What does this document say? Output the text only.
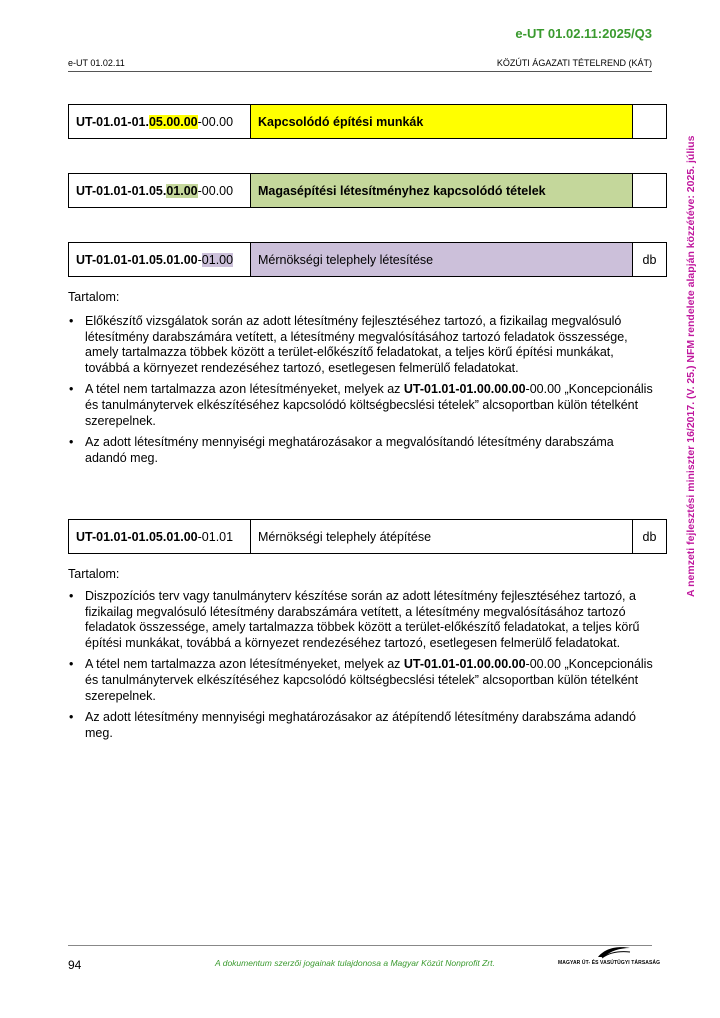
e-UT 01.02.11:2025/Q3
e-UT 01.02.11	KÖZÚTI ÁGAZATI TÉTELREND (KÁT)
A nemzeti fejlesztési miniszter 16/2017. (V. 25.) NFM rendelete alapján közzétéve: 2025. július
UT-01.01-01. 05.00.00 -00.00	Kapcsolódó építési munkák
UT-01.01-01.05. 01.00 -00.00	Magasépítési létesítményhez kapcsolódó tételek
UT-01.01-01.05.01.00 - 01.00	Mérnökségi telephely létesítése	db
Tartalom:
• Előkészítő vizsgálatok során az adott létesítmény fejlesztéséhez tartozó, a fizikailag megvalósuló létesítmény darabszámára vetített, a létesítmény megvalósításához tartozó feladatok összessége, amely tartalmazza többek között a terület-előkészítő feladatokat, a teljes körű építési munkákat, továbbá a környezet rendezéséhez tartozó, esetlegesen felmerülő feladatokat.
• A tétel nem tartalmazza azon létesítményeket, melyek az UT-01.01-01.00.00.00-00.00 „Koncepcionális és tanulmánytervek elkészítéséhez kapcsolódó költségbecslési tételek” alcsoportban külön tételként szerepelnek.
• Az adott létesítmény mennyiségi meghatározásakor a megvalósítandó létesítmény darabszáma adandó meg.
UT-01.01-01.05.01.00 -01.01	Mérnökségi telephely átépítése	db
Tartalom:
• Diszpozíciós terv vagy tanulmányterv készítése során az adott létesítmény fejlesztéséhez tartozó, a fizikailag megvalósuló létesítmény darabszámára vetített, a létesítmény megvalósításához tartozó feladatok összessége, amely tartalmazza többek között a terület-előkészítő feladatokat, a teljes körű építési munkákat, továbbá a környezet rendezéséhez tartozó, esetlegesen felmerülő feladatokat.
• A tétel nem tartalmazza azon létesítményeket, melyek az UT-01.01-01.00.00.00-00.00 „Koncepcionális és tanulmánytervek elkészítéséhez kapcsolódó költségbecslési tételek” alcsoportban külön tételként szerepelnek.
• Az adott létesítmény mennyiségi meghatározásakor az átépítendő létesítmény darabszáma adandó meg.
94	A dokumentum szerzői jogainak tulajdonosa a Magyar Közút Nonprofit Zrt.	MAGYAR ÚT- ÉS VASÚTÜGYI TÁRSASÁG
